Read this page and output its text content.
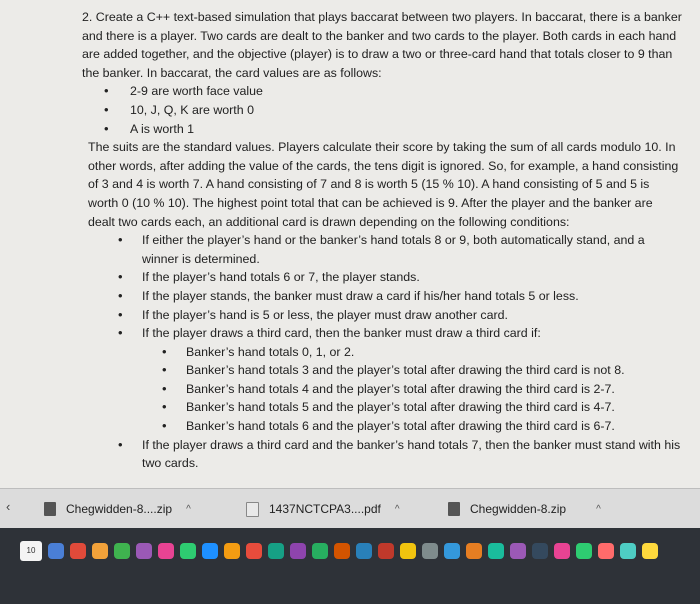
2. Create a C++ text-based simulation that plays baccarat between two players. In baccarat, there is a banker and there is a player. Two cards are dealt to the banker and two cards to the player. Both cards in each hand are added together, and the objective (player) is to draw a two or three-card hand that totals closer to 9 than the banker. In baccarat, the card values are as follows:

• 2-9 are worth face value
• 10, J, Q, K are worth 0
• A is worth 1

The suits are the standard values. Players calculate their score by taking the sum of all cards modulo 10. In other words, after adding the value of the cards, the tens digit is ignored. So, for example, a hand consisting of 3 and 4 is worth 7. A hand consisting of 7 and 8 is worth 5 (15 % 10). A hand consisting of 5 and 5 is worth 0 (10 % 10). The highest point total that can be achieved is 9. After the player and the banker are dealt two cards each, an additional card is drawn depending on the following conditions:

• If either the player’s hand or the banker’s hand totals 8 or 9, both automatically stand, and a winner is determined.
• If the player’s hand totals 6 or 7, the player stands.
• If the player stands, the banker must draw a card if his/her hand totals 5 or less.
• If the player’s hand is 5 or less, the player must draw another card.
• If the player draws a third card, then the banker must draw a third card if:
• Banker’s hand totals 0, 1, or 2.
• Banker’s hand totals 3 and the player’s total after drawing the third card is not 8.
• Banker’s hand totals 4 and the player’s total after drawing the third card is 2-7.
• Banker’s hand totals 5 and the player’s total after drawing the third card is 4-7.
• Banker’s hand totals 6 and the player’s total after drawing the third card is 6-7.
• If the player draws a third card and the banker’s hand totals 7, then the banker must stand with his two cards.
‹	Chegwidden-8....zip ^	1437NCTCPA3....pdf ^	Chegwidden-8.zip	^
10
